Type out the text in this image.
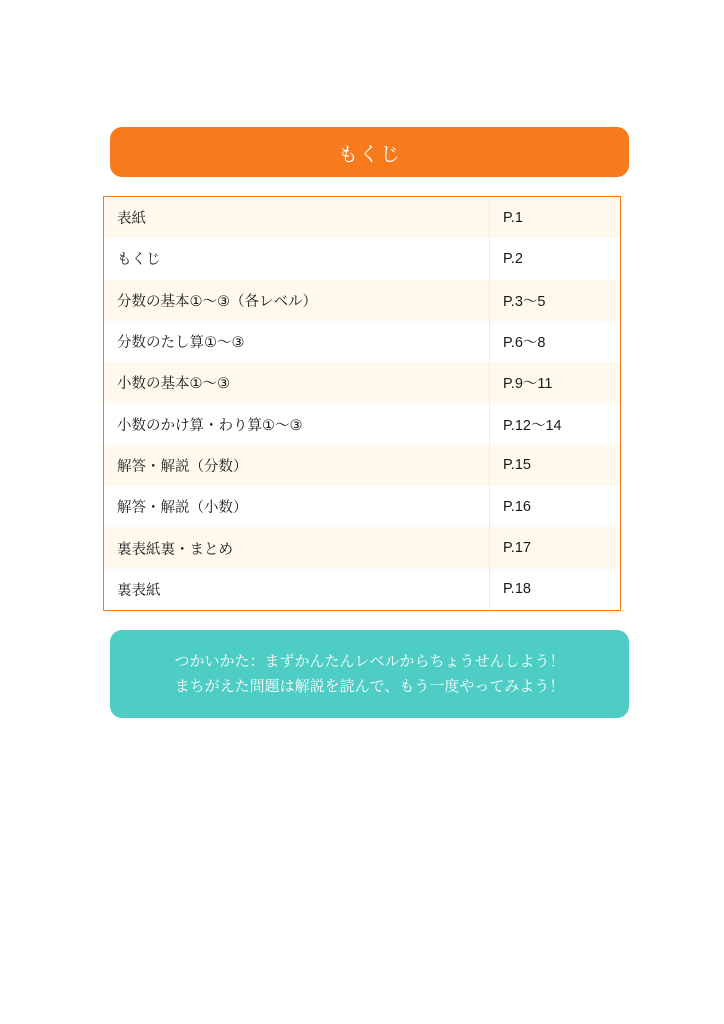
もくじ
表紙	P.1
もくじ	P.2
分数の基本①〜③（各レベル）	P.3〜5
分数のたし算①〜③	P.6〜8
小数の基本①〜③	P.9〜11
小数のかけ算・わり算①〜③	P.12〜14
解答・解説（分数）	P.15
解答・解説（小数）	P.16
裏表紙裏・まとめ	P.17
裏表紙	P.18
つかいかた：まずかんたんレベルからちょうせんしよう！
まちがえた問題は解説を読んで、もう一度やってみよう！
